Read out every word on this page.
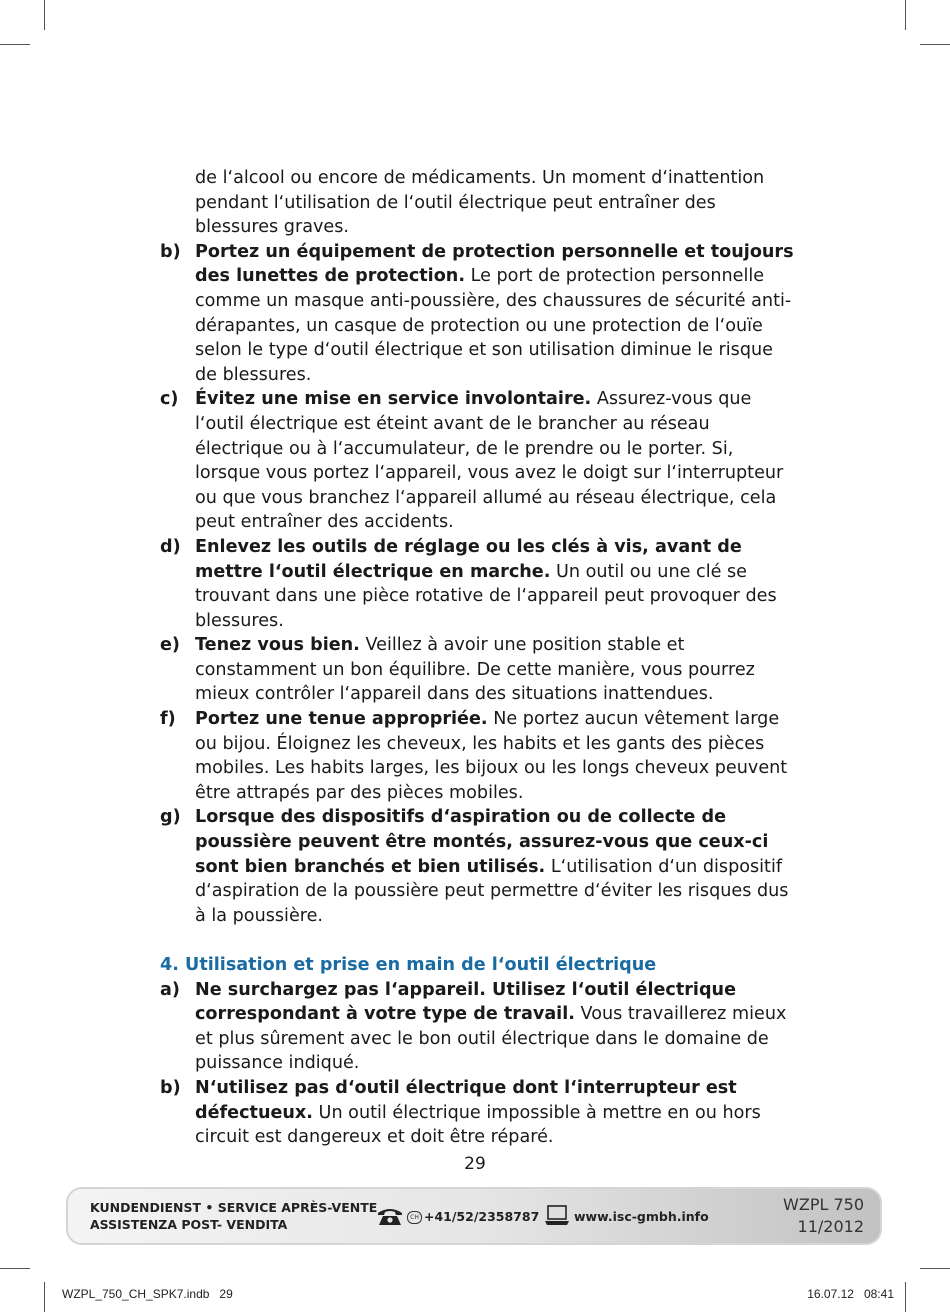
de l‘alcool ou encore de médicaments. Un moment d‘inattention pendant l‘utilisation de l‘outil électrique peut entraîner des blessures graves.

b) Portez un équipement de protection personnelle et toujours des lunettes de protection. Le port de protection personnelle comme un masque anti-poussière, des chaussures de sécurité anti-dérapantes, un casque de protection ou une protection de l‘ouïe selon le type d‘outil électrique et son utilisation diminue le risque de blessures.
c) Évitez une mise en service involontaire. Assurez-vous que l‘outil électrique est éteint avant de le brancher au réseau électrique ou à l‘accumulateur, de le prendre ou le porter. Si, lorsque vous portez l‘appareil, vous avez le doigt sur l‘interrupteur ou que vous branchez l‘appareil allumé au réseau électrique, cela peut entraîner des accidents.
d) Enlevez les outils de réglage ou les clés à vis, avant de mettre l‘outil électrique en marche. Un outil ou une clé se trouvant dans une pièce rotative de l‘appareil peut provoquer des blessures.
e) Tenez vous bien. Veillez à avoir une position stable et constamment un bon équilibre. De cette manière, vous pourrez mieux contrôler l‘appareil dans des situations inattendues.
f) Portez une tenue appropriée. Ne portez aucun vêtement large ou bijou. Éloignez les cheveux, les habits et les gants des pièces mobiles. Les habits larges, les bijoux ou les longs cheveux peuvent être attrapés par des pièces mobiles.
g) Lorsque des dispositifs d‘aspiration ou de collecte de poussière peuvent être montés, assurez-vous que ceux-ci sont bien branchés et bien utilisés. L‘utilisation d‘un dispositif d‘aspiration de la poussière peut permettre d‘éviter les risques dus à la poussière.
4. Utilisation et prise en main de l‘outil électrique
a) Ne surchargez pas l‘appareil. Utilisez l‘outil électrique correspondant à votre type de travail. Vous travaillerez mieux et plus sûrement avec le bon outil électrique dans le domaine de puissance indiqué.
b) N‘utilisez pas d‘outil électrique dont l‘interrupteur est défectueux. Un outil électrique impossible à mettre en ou hors circuit est dangereux et doit être réparé.
29
KUNDENDIENST • SERVICE APRÈS-VENTE
ASSISTENZA POST- VENDITA	CH +41/52/2358787	www.isc-gmbh.info
WZPL 750
11/2012
WZPL_750_CH_SPK7.indb   29	16.07.12   08:41
